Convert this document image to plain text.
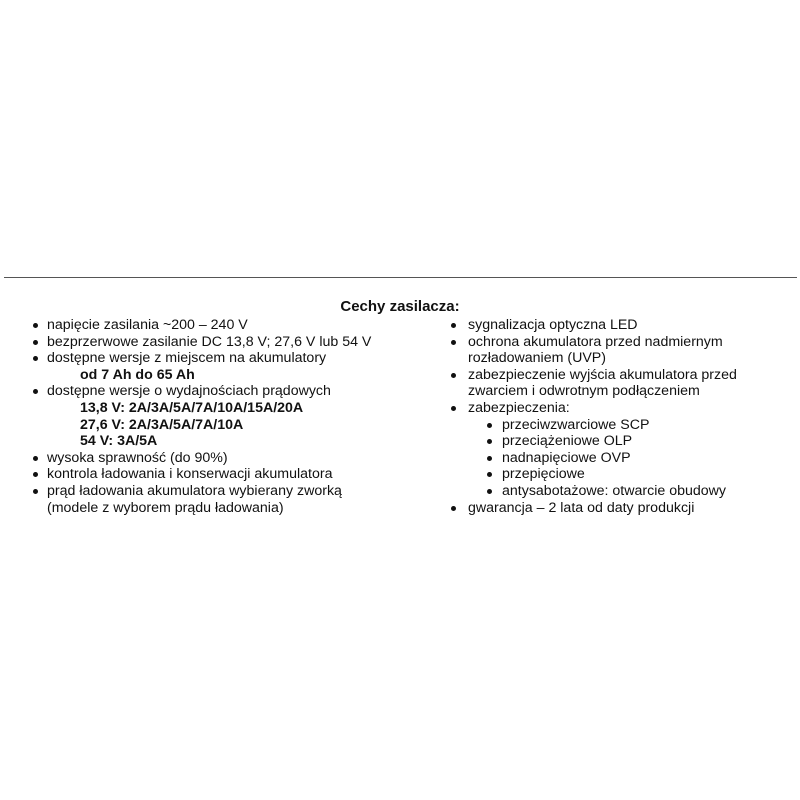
Cechy zasilacza:
napięcie zasilania ~200 – 240 V
bezprzerwowe zasilanie DC 13,8 V; 27,6 V lub 54 V
dostępne wersje z miejscem na akumulatory
od 7 Ah do 65 Ah
dostępne wersje o wydajnościach prądowych
13,8 V: 2A/3A/5A/7A/10A/15A/20A
27,6 V: 2A/3A/5A/7A/10A
54 V: 3A/5A
wysoka sprawność (do 90%)
kontrola ładowania i konserwacji akumulatora
prąd ładowania akumulatora wybierany zworką
(modele z wyborem prądu ładowania)
sygnalizacja optyczna LED
ochrona akumulatora przed nadmiernym
rozładowaniem (UVP)
zabezpieczenie wyjścia akumulatora przed
zwarciem i odwrotnym podłączeniem
zabezpieczenia:
przeciwzwarciowe SCP
przeciążeniowe OLP
nadnapięciowe OVP
przepięciowe
antysabotażowe: otwarcie obudowy
gwarancja – 2 lata od daty produkcji
